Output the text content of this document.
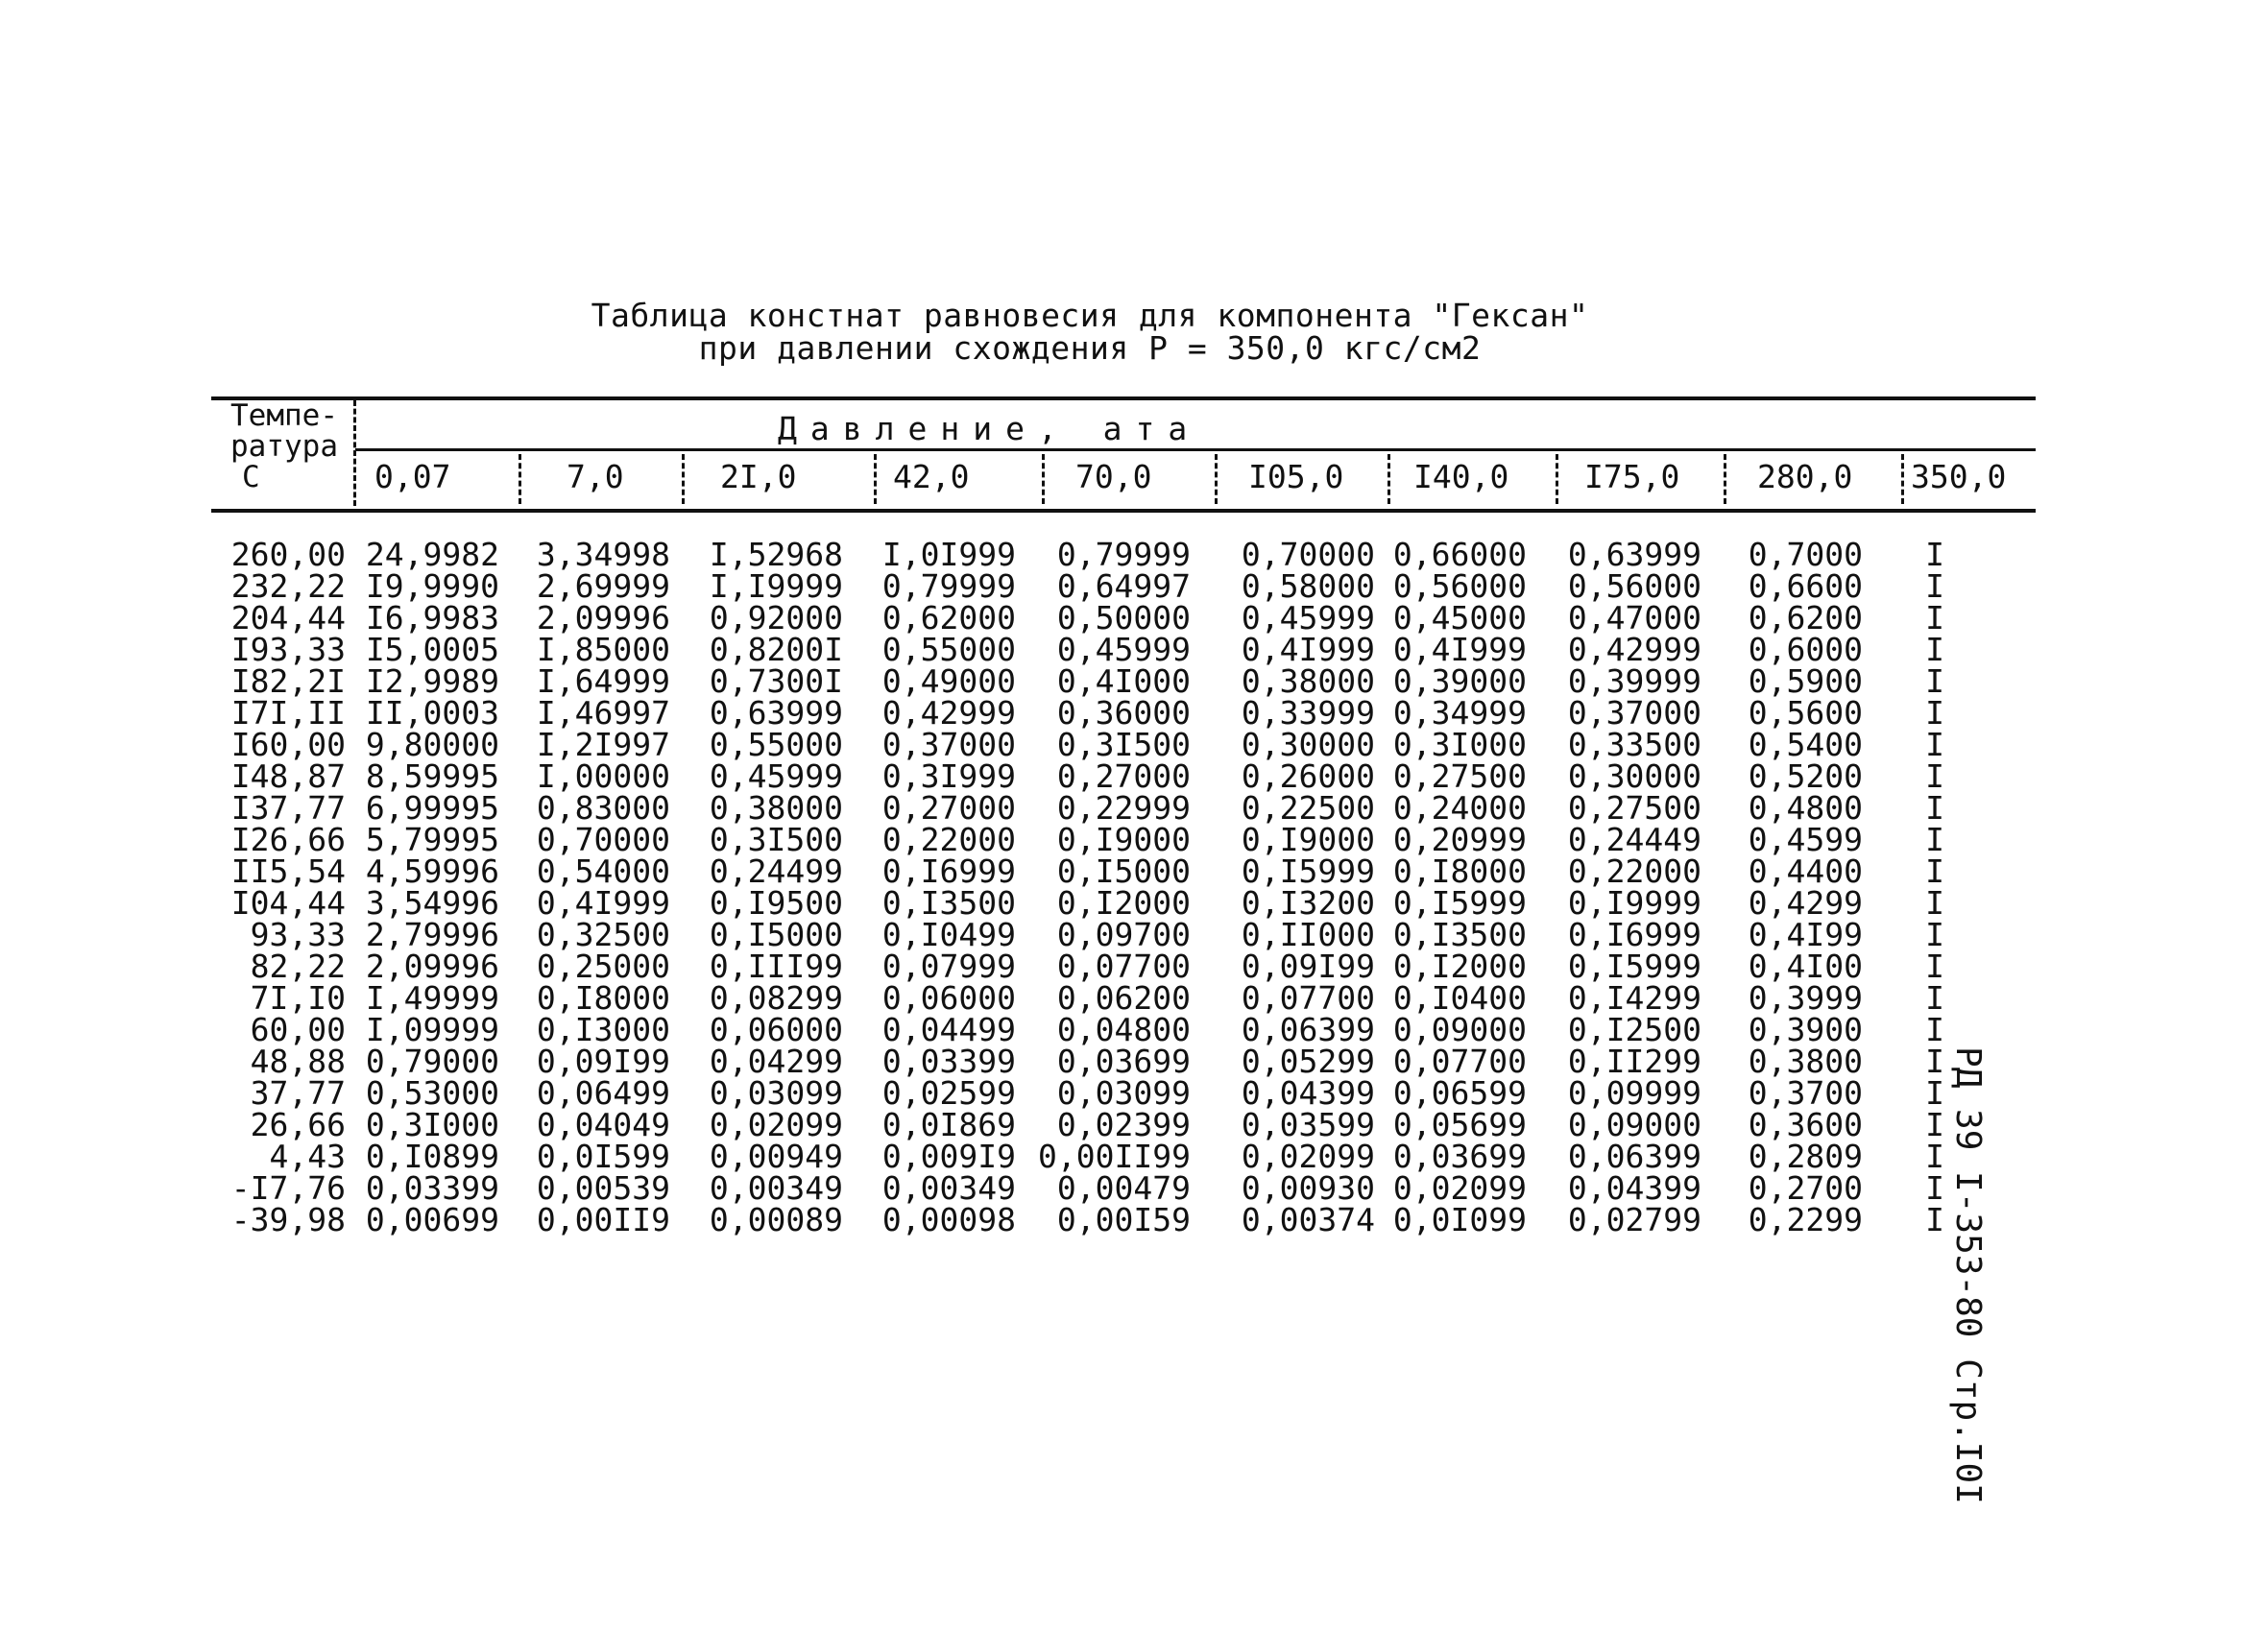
Таблица констнат равновесия для компонента "Гексан"
при давлении схождения P = 350,0 кгс/см2
Темпе-
ратура
C
Давление, ата
0,07	7,0	2I,0	42,0	70,0	I05,0 I40,0 I75,0 280,0 350,0
260,00 24,9982	3,34998	I,52968	I,0I999	0,79999	0,70000 0,66000	0,63999	0,7000	I
232,22 I9,9990	2,69999	I,I9999	0,79999	0,64997	0,58000 0,56000	0,56000	0,6600	I
204,44 I6,9983	2,09996	0,92000	0,62000	0,50000	0,45999 0,45000	0,47000	0,6200	I
I93,33 I5,0005	I,85000	0,8200I	0,55000	0,45999	0,4I999 0,4I999	0,42999	0,6000	I
I82,2I I2,9989	I,64999	0,7300I	0,49000	0,4I000	0,38000 0,39000	0,39999	0,5900	I
I7I,II II,0003	I,46997	0,63999	0,42999	0,36000	0,33999 0,34999	0,37000	0,5600	I
I60,00 9,80000	I,2I997	0,55000	0,37000	0,3I500	0,30000 0,3I000	0,33500	0,5400	I
I48,87 8,59995	I,00000	0,45999	0,3I999	0,27000	0,26000 0,27500	0,30000	0,5200	I
I37,77 6,99995	0,83000	0,38000	0,27000	0,22999	0,22500 0,24000	0,27500	0,4800	I
I26,66 5,79995	0,70000	0,3I500	0,22000	0,I9000	0,I9000 0,20999	0,24449	0,4599	I
II5,54 4,59996	0,54000	0,24499	0,I6999	0,I5000	0,I5999 0,I8000	0,22000	0,4400	I
I04,44 3,54996	0,4I999	0,I9500	0,I3500	0,I2000	0,I3200 0,I5999	0,I9999	0,4299	I
93,33 2,79996	0,32500	0,I5000	0,I0499	0,09700	0,II000 0,I3500	0,I6999	0,4I99	I
82,22 2,09996	0,25000	0,III99	0,07999	0,07700	0,09I99 0,I2000	0,I5999	0,4I00	I
7I,I0 I,49999	0,I8000	0,08299	0,06000	0,06200	0,07700 0,I0400	0,I4299	0,3999	I
60,00 I,09999	0,I3000	0,06000	0,04499	0,04800	0,06399 0,09000	0,I2500	0,3900	I
48,88 0,79000	0,09I99	0,04299	0,03399	0,03699	0,05299 0,07700	0,II299	0,3800	I
37,77 0,53000	0,06499	0,03099	0,02599	0,03099	0,04399 0,06599	0,09999	0,3700	I
26,66 0,3I000	0,04049	0,02099	0,0I869	0,02399	0,03599 0,05699	0,09000	0,3600	I
4,43 0,I0899	0,0I599	0,00949	0,009I9 0,00II99	0,02099 0,03699	0,06399	0,2809	I
-I7,76 0,03399	0,00539	0,00349	0,00349	0,00479	0,00930 0,02099	0,04399	0,2700	I
-39,98 0,00699	0,00II9	0,00089	0,00098	0,00I59	0,00374 0,0I099	0,02799	0,2299	I РД 39 I-353-80 Стр.I0I
